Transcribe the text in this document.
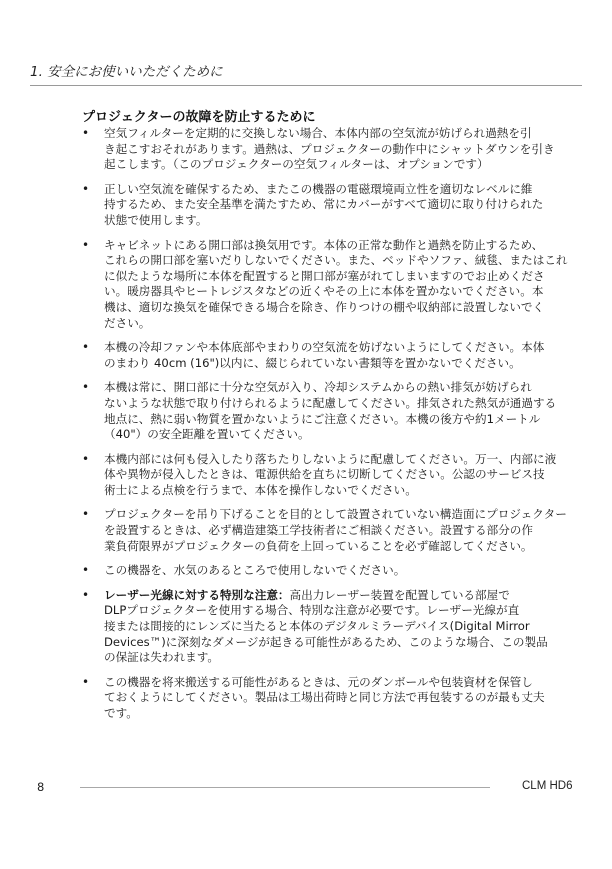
1. 安全にお使いいただくために
プロジェクターの故障を防止するために
• 空気フィルターを定期的に交換しない場合、本体内部の空気流が妨げられ過熱を引
き起こすおそれがあります。過熱は、プロジェクターの動作中にシャットダウンを引き
起こします。（このプロジェクターの空気フィルターは、オプションです）
• 正しい空気流を確保するため、またこの機器の電磁環境両立性を適切なレベルに維
持するため、また安全基準を満たすため、常にカバーがすべて適切に取り付けられた
状態で使用します。
• キャビネットにある開口部は換気用です。本体の正常な動作と過熱を防止するため、
これらの開口部を塞いだりしないでください。また、ベッドやソファ、絨毯、またはこれ
に似たような場所に本体を配置すると開口部が塞がれてしまいますのでお止めくださ
い。暖房器具やヒートレジスタなどの近くやその上に本体を置かないでください。本
機は、適切な換気を確保できる場合を除き、作りつけの棚や収納部に設置しないでく
ださい。
• 本機の冷却ファンや本体底部やまわりの空気流を妨げないようにしてください。本体
のまわり 40cm (16")以内に、綴じられていない書類等を置かないでください。
• 本機は常に、開口部に十分な空気が入り、冷却システムからの熱い排気が妨げられ
ないような状態で取り付けられるように配慮してください。排気された熱気が通過する
地点に、熱に弱い物質を置かないようにご注意ください。本機の後方や約1メートル
（40"）の安全距離を置いてください。
• 本機内部には何も侵入したり落ちたりしないように配慮してください。万一、内部に液
体や異物が侵入したときは、電源供給を直ちに切断してください。公認のサービス技
術士による点検を行うまで、本体を操作しないでください。
• プロジェクターを吊り下げることを目的として設置されていない構造面にプロジェクター
を設置するときは、必ず構造建築工学技術者にご相談ください。設置する部分の作
業負荷限界がプロジェクターの負荷を上回っていることを必ず確認してください。
• この機器を、水気のあるところで使用しないでください。
• レーザー光線に対する特別な注意：高出力レーザー装置を配置している部屋で
DLPプロジェクターを使用する場合、特別な注意が必要です。レーザー光線が直
接または間接的にレンズに当たると本体のデジタルミラーデバイス(Digital Mirror
Devices™)に深刻なダメージが起きる可能性があるため、このような場合、この製品
の保証は失われます。
• この機器を将来搬送する可能性があるときは、元のダンボールや包装資材を保管し
ておくようにしてください。製品は工場出荷時と同じ方法で再包装するのが最も丈夫
です。
8	CLM HD6
